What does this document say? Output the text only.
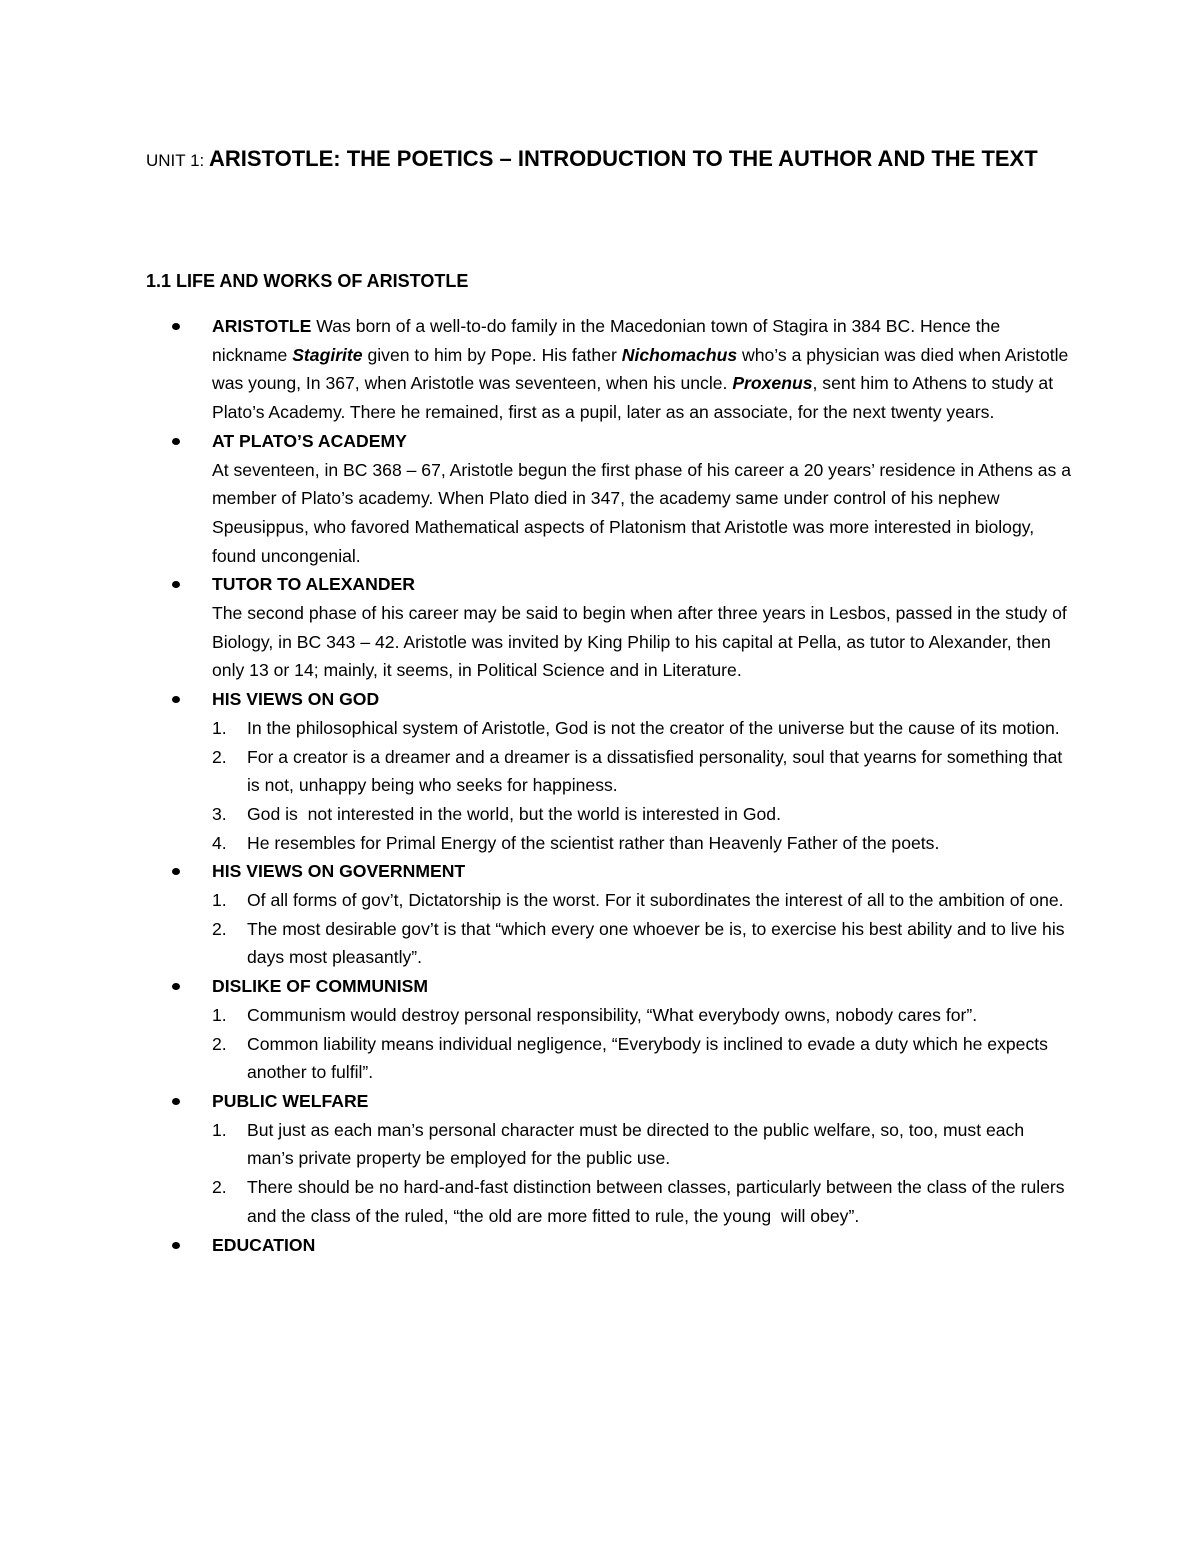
UNIT 1: ARISTOTLE: THE POETICS – INTRODUCTION TO THE AUTHOR AND THE TEXT
1.1 LIFE AND WORKS OF ARISTOTLE
ARISTOTLE Was born of a well-to-do family in the Macedonian town of Stagira in 384 BC. Hence the nickname Stagirite given to him by Pope. His father Nichomachus who’s a physician was died when Aristotle was young, In 367, when Aristotle was seventeen, when his uncle. Proxenus, sent him to Athens to study at Plato’s Academy. There he remained, first as a pupil, later as an associate, for the next twenty years.
AT PLATO’S ACADEMY
At seventeen, in BC 368 – 67, Aristotle begun the first phase of his career a 20 years’ residence in Athens as a member of Plato’s academy. When Plato died in 347, the academy same under control of his nephew Speusippus, who favored Mathematical aspects of Platonism that Aristotle was more interested in biology, found uncongenial.
TUTOR TO ALEXANDER
The second phase of his career may be said to begin when after three years in Lesbos, passed in the study of Biology, in BC 343 – 42. Aristotle was invited by King Philip to his capital at Pella, as tutor to Alexander, then only 13 or 14; mainly, it seems, in Political Science and in Literature.
HIS VIEWS ON GOD
1. In the philosophical system of Aristotle, God is not the creator of the universe but the cause of its motion.
2. For a creator is a dreamer and a dreamer is a dissatisfied personality, soul that yearns for something that is not, unhappy being who seeks for happiness.
3. God is  not interested in the world, but the world is interested in God.
4. He resembles for Primal Energy of the scientist rather than Heavenly Father of the poets.
HIS VIEWS ON GOVERNMENT
1. Of all forms of gov’t, Dictatorship is the worst. For it subordinates the interest of all to the ambition of one.
2. The most desirable gov’t is that “which every one whoever be is, to exercise his best ability and to live his days most pleasantly”.
DISLIKE OF COMMUNISM
1. Communism would destroy personal responsibility, “What everybody owns, nobody cares for”.
2. Common liability means individual negligence, “Everybody is inclined to evade a duty which he expects another to fulfil”.
PUBLIC WELFARE
1. But just as each man’s personal character must be directed to the public welfare, so, too, must each man’s private property be employed for the public use.
2. There should be no hard-and-fast distinction between classes, particularly between the class of the rulers and the class of the ruled, “the old are more fitted to rule, the young  will obey”.
EDUCATION
